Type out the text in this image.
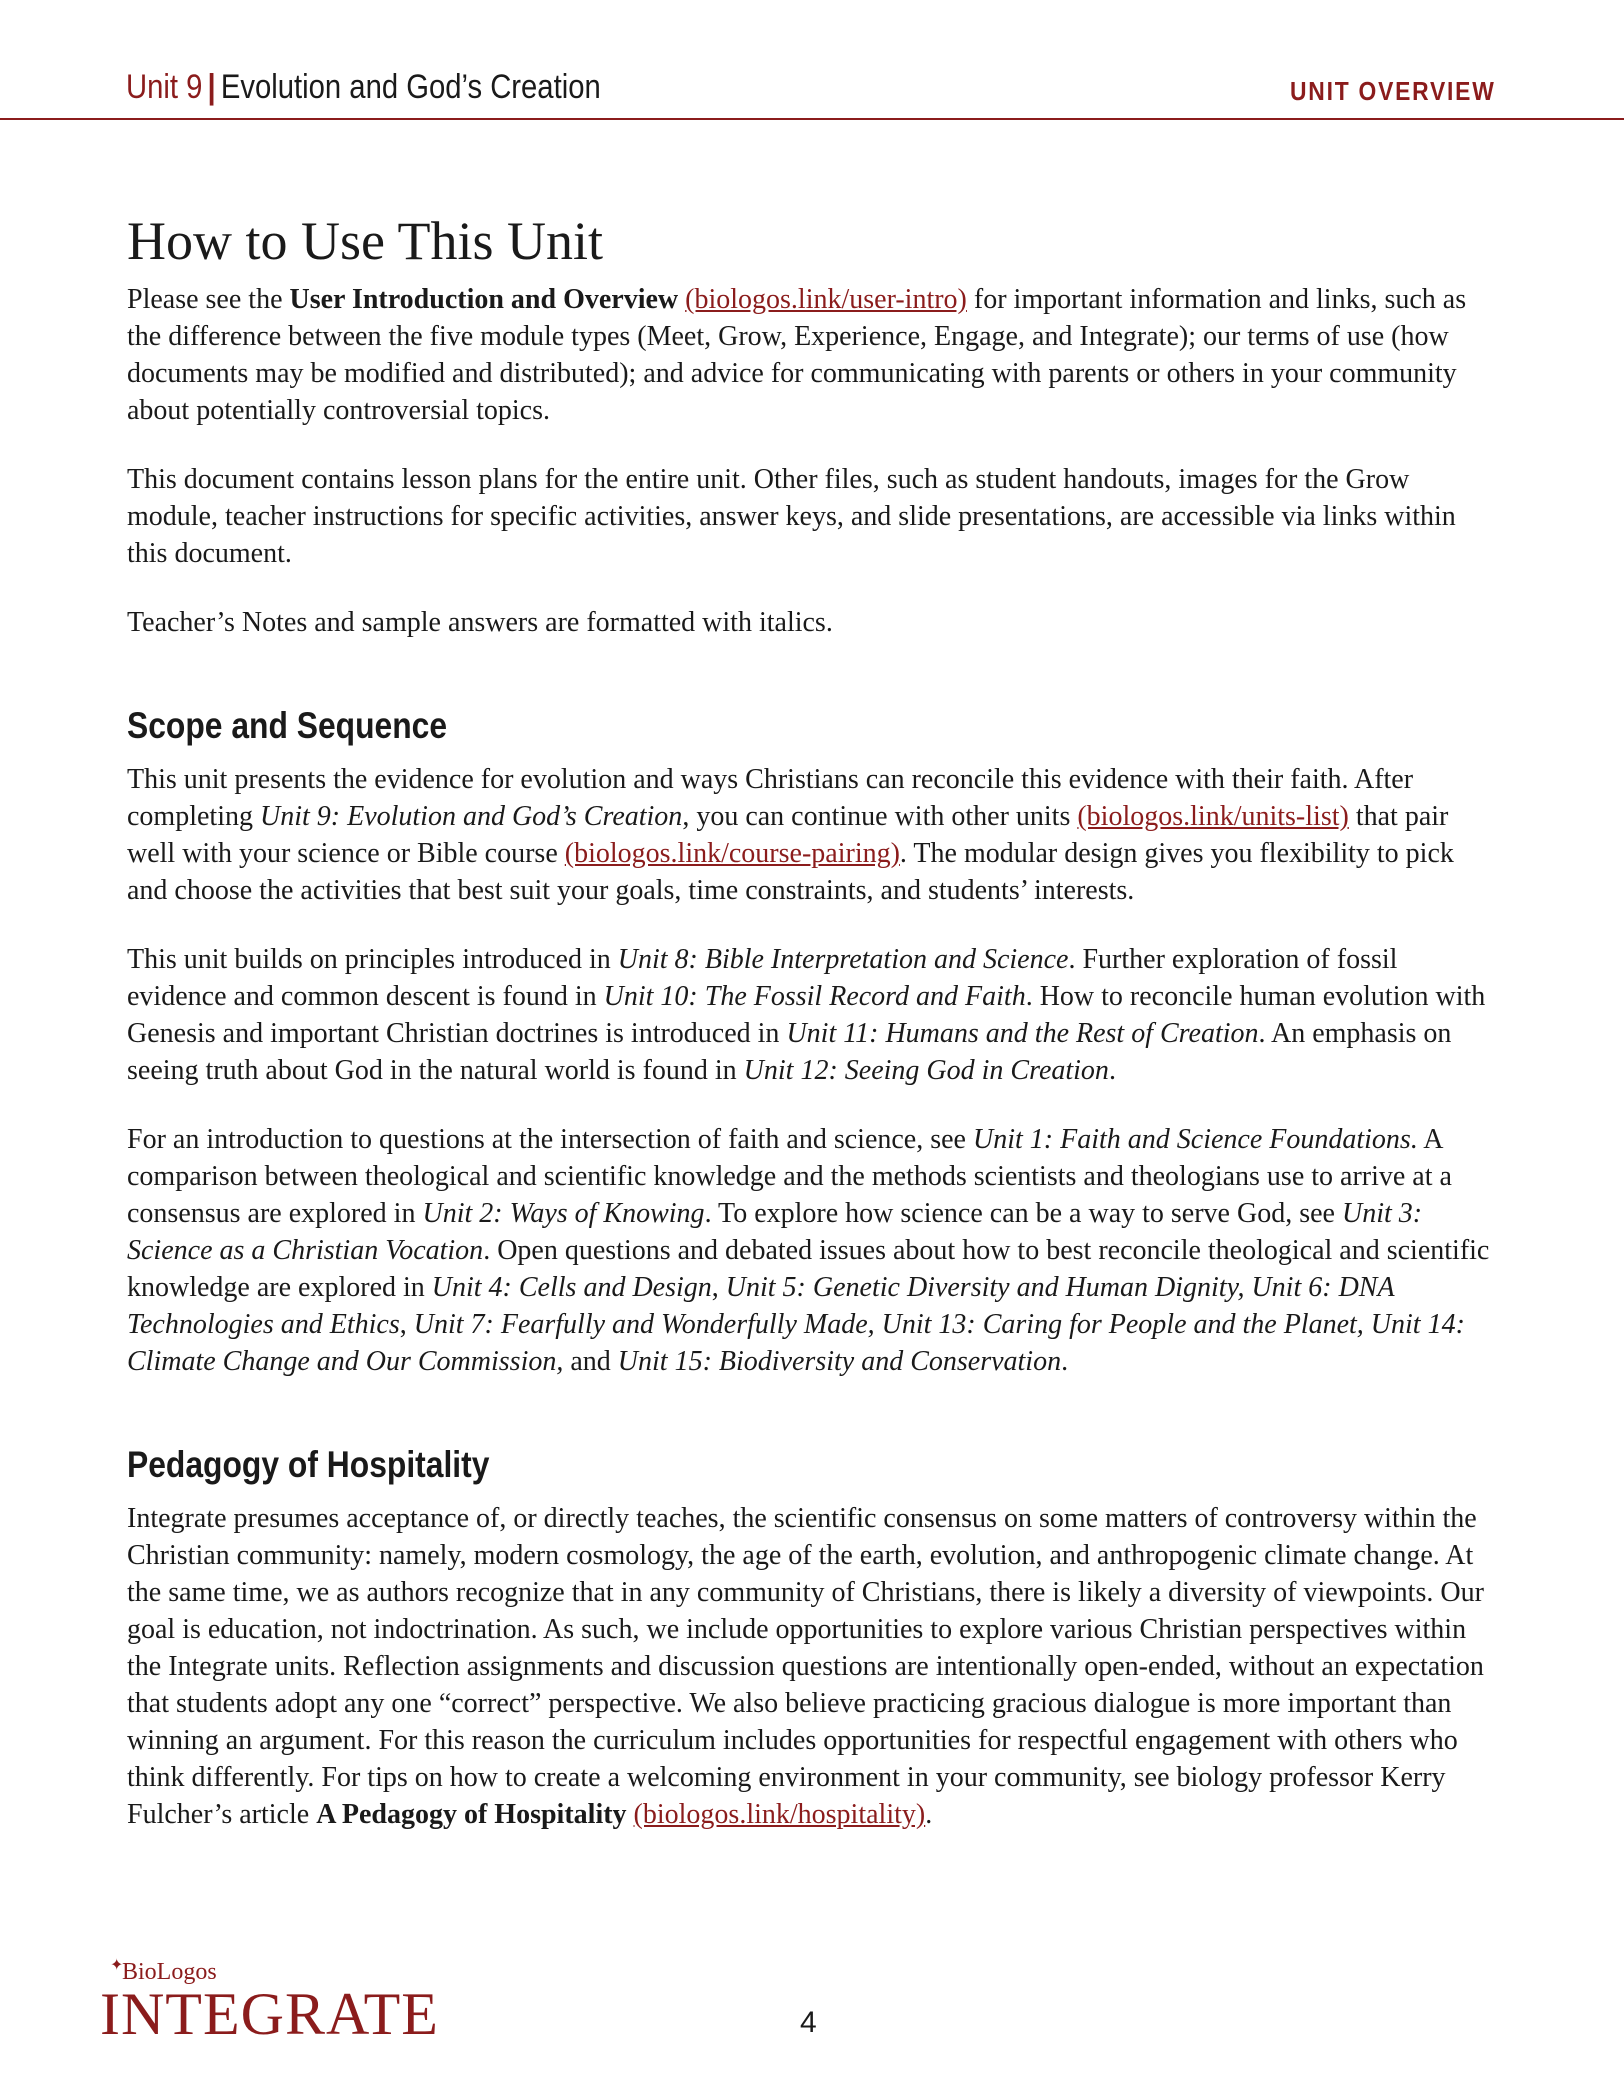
Unit 9 | Evolution and God’s Creation	UNIT OVERVIEW
How to Use This Unit

Please see the User Introduction and Overview (biologos.link/user-intro) for important information and links, such as the difference between the five module types (Meet, Grow, Experience, Engage, and Integrate); our terms of use (how documents may be modified and distributed); and advice for communicating with parents or others in your community about potentially controversial topics.

This document contains lesson plans for the entire unit. Other files, such as student handouts, images for the Grow module, teacher instructions for specific activities, answer keys, and slide presentations, are accessible via links within this document.

Teacher’s Notes and sample answers are formatted with italics.

Scope and Sequence

This unit presents the evidence for evolution and ways Christians can reconcile this evidence with their faith. After completing Unit 9: Evolution and God’s Creation, you can continue with other units (biologos.link/units-list) that pair well with your science or Bible course (biologos.link/course-pairing). The modular design gives you flexibility to pick and choose the activities that best suit your goals, time constraints, and students’ interests.

This unit builds on principles introduced in Unit 8: Bible Interpretation and Science. Further exploration of fossil evidence and common descent is found in Unit 10: The Fossil Record and Faith. How to reconcile human evolution with Genesis and important Christian doctrines is introduced in Unit 11: Humans and the Rest of Creation. An emphasis on seeing truth about God in the natural world is found in Unit 12: Seeing God in Creation.

For an introduction to questions at the intersection of faith and science, see Unit 1: Faith and Science Foundations. A comparison between theological and scientific knowledge and the methods scientists and theologians use to arrive at a consensus are explored in Unit 2: Ways of Knowing. To explore how science can be a way to serve God, see Unit 3: Science as a Christian Vocation. Open questions and debated issues about how to best reconcile theological and scientific knowledge are explored in Unit 4: Cells and Design, Unit 5: Genetic Diversity and Human Dignity, Unit 6: DNA Technologies and Ethics, Unit 7: Fearfully and Wonderfully Made, Unit 13: Caring for People and the Planet, Unit 14: Climate Change and Our Commission, and Unit 15: Biodiversity and Conservation.

Pedagogy of Hospitality

Integrate presumes acceptance of, or directly teaches, the scientific consensus on some matters of controversy within the Christian community: namely, modern cosmology, the age of the earth, evolution, and anthropogenic climate change. At the same time, we as authors recognize that in any community of Christians, there is likely a diversity of viewpoints. Our goal is education, not indoctrination. As such, we include opportunities to explore various Christian perspectives within the Integrate units. Reflection assignments and discussion questions are intentionally open-ended, without an expectation that students adopt any one “correct” perspective. We also believe practicing gracious dialogue is more important than winning an argument. For this reason the curriculum includes opportunities for respectful engagement with others who think differently. For tips on how to create a welcoming environment in your community, see biology professor Kerry Fulcher’s article A Pedagogy of Hospitality (biologos.link/hospitality).

✦
BioLogos
INTEGRATE	4
